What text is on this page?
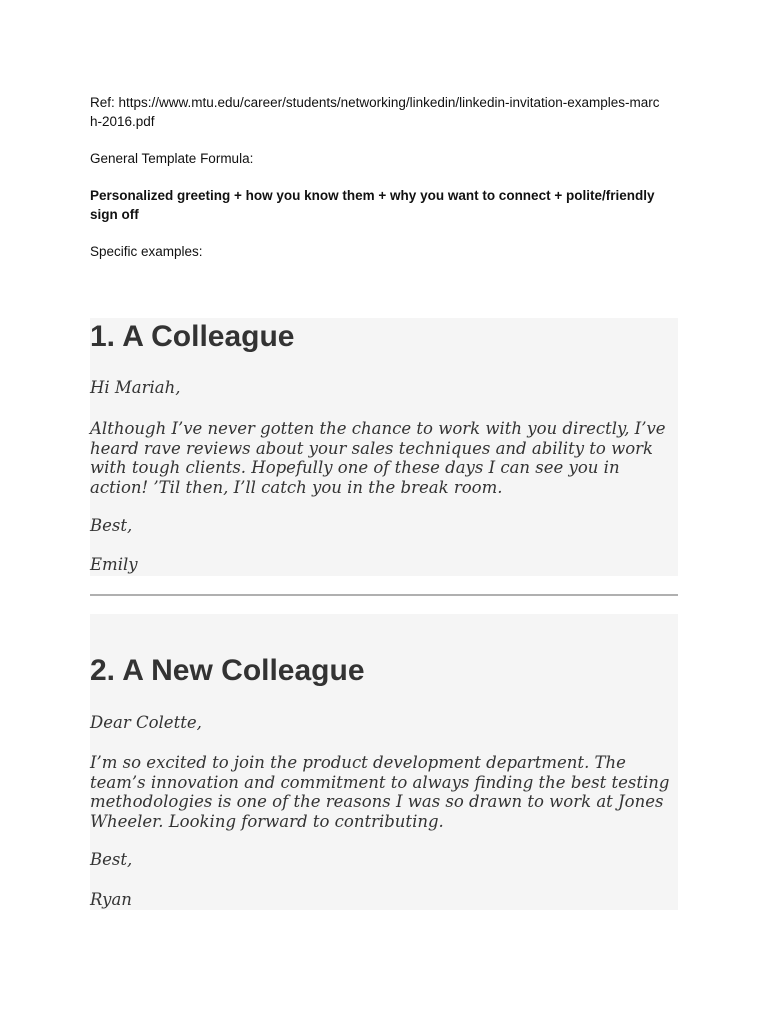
Ref: https://www.mtu.edu/career/students/networking/linkedin/linkedin-invitation-examples-march-2016.pdf
General Template Formula:
Personalized greeting + how you know them + why you want to connect + polite/friendly sign off
Specific examples:
1. A Colleague
Hi Mariah,
Although I’ve never gotten the chance to work with you directly, I’ve heard rave reviews about your sales techniques and ability to work with tough clients. Hopefully one of these days I can see you in action! ’Til then, I’ll catch you in the break room.
Best,
Emily
2. A New Colleague
Dear Colette,
I’m so excited to join the product development department. The team’s innovation and commitment to always finding the best testing methodologies is one of the reasons I was so drawn to work at Jones Wheeler. Looking forward to contributing.
Best,
Ryan
